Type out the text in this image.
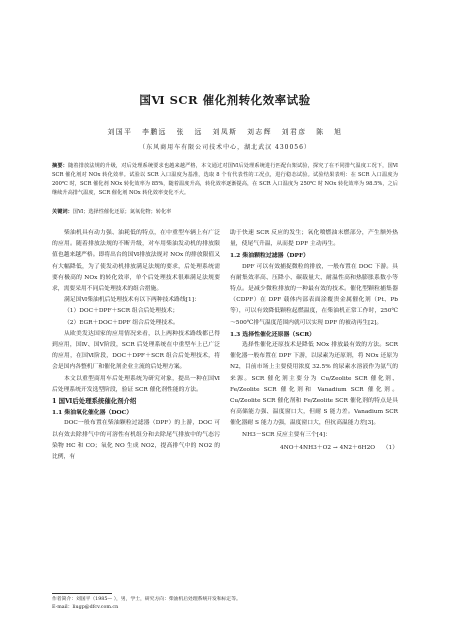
国Ⅵ SCR 催化剂转化效率试验
刘国平 李鹏远 张 远 刘凤斯 刘志辉 刘君彦 陈 旭
（东风商用车有限公司技术中心，湖北武汉 430056）
摘要：随着排放法规的升级，对后处理系统要求也越来越严格，本文通过对国Ⅵ后处理系统进行匹配台架试验，探究了在不同排气温度工况下，国Ⅵ SCR 催化剂对 NOx 转化效率。试验以 SCR 入口温度为基准，选取 8 个有代表性的工况点，进行稳态试验。试验结果表明：在 SCR 入口温度为 200℃ 时，SCR 催化剂 NOx 转化效率为 85%，随着温度升高，转化效率逐渐提高，在 SCR 入口温度为 250℃ 时 NOx 转化效率为 98.5%，之后继续升高排气温度，SCR 催化剂 NOx 转化效率变化不大。
关键词：国Ⅵ；选择性催化还原；氮氧化物；转化率

柴油机具有动力强、油耗低的特点，在中重型车辆上有广泛的应用。随着排放法规的不断升级，对车用柴油发动机的排放限值也越来越严格。即将出台的国Ⅵ排放法规对 NOx 的排放限值又有大幅降低，为了使发动机排放满足法规的要求，后处理系统需要有极高的 NOx 的转化效率，单个后处理技术很难满足法规要求，需要采用不同后处理技术的组合措施。

满足国Ⅵ柴油机后处理技术有以下两种技术路线[1]：

（1）DOC＋DPF＋SCR 组合后处理技术；

（2）EGR＋DOC＋DPF 组合后处理技术。

从欧美发达国家的应用情况来看，以上两种技术路线都已得到应用，国Ⅳ、国Ⅴ阶段，SCR 后处理系统在中重型车上已广泛的应用，在国Ⅵ阶段，DOC＋DPF＋SCR 组合后处理技术，将会是国内各整机厂和催化剂企业主流的后处理方案。

本文以重型商用车后处理系统为研究对象，提出一种在国Ⅵ后处理系统开发选型阶段，验证 SCR 催化剂性能的方法。

1 国Ⅵ后处理系统催化剂介绍

1.1 柴油氧化催化器（DOC）

DOC一般布置在柴油颗粒过滤器（DPF）的上游，DOC 可以有效去除排气中的可溶性有机组分和去除尾气排放中的气态污染物 HC 和 CO；氧化 NO 生成 NO2，提高排气中的 NO2 的比例，有

助于快速 SCR 反应的发生；氧化喷燃油末燃部分，产生额外热量，使尾气升温，从而提 DPF 主动再生。

1.2 柴油颗粒过滤器（DPF）

DPF 可以有效捕捉微粒的排放，一般布置在 DOC 下游。具有耐集效率高、压降小、碳载量大、耐温性高和热膨胀系数小等特点。是减少微粒排放的一种最有效的技术。催化型颗粒捕集器（CDPF）在 DPF 载体内部表面涂覆贵金属催化剂（Pt、Pb 等），可以有效降低颗粒起燃温度，在柴油机正常工作时，250℃～500℃排气温度范围内就可以实现 DPF 的被动再生[2]。

1.3 选择性催化还原器（SCR）

选择性催化还原技术是降低 NOx 排放最有效的方法。SCR 催化器一般布置在 DPF 下游，以尿素为还原剂，将 NOx 还原为 N2，目前市场上主要使用浓度 32.5% 的尿素水溶液作为氨气的来源。SCR 催化剂主要分为 Cu/Zeolite SCR 催化剂、Fe/Zeolite SCR 催化剂和 Vanadium SCR 催化剂。Cu/Zeolite SCR 催化剂和 Fe/Zeolite SCR 催化剂的特点是具有高储能力强、温度窗口大，但耐 S 能力差。Vanadium SCR 催化器耐 S 能力力强，温度窗口大，但抗高温能力差[3]。

NH3－SCR 反应主要有三个[4]：

4NO＋4NH3＋O2 → 4N2＋6H2O （1）
作者简介：刘国平（1985— ），男，学士，研究方向：柴油机后处理系统开发和标定等。
E-mail：liugp@dfcv.com.cn
